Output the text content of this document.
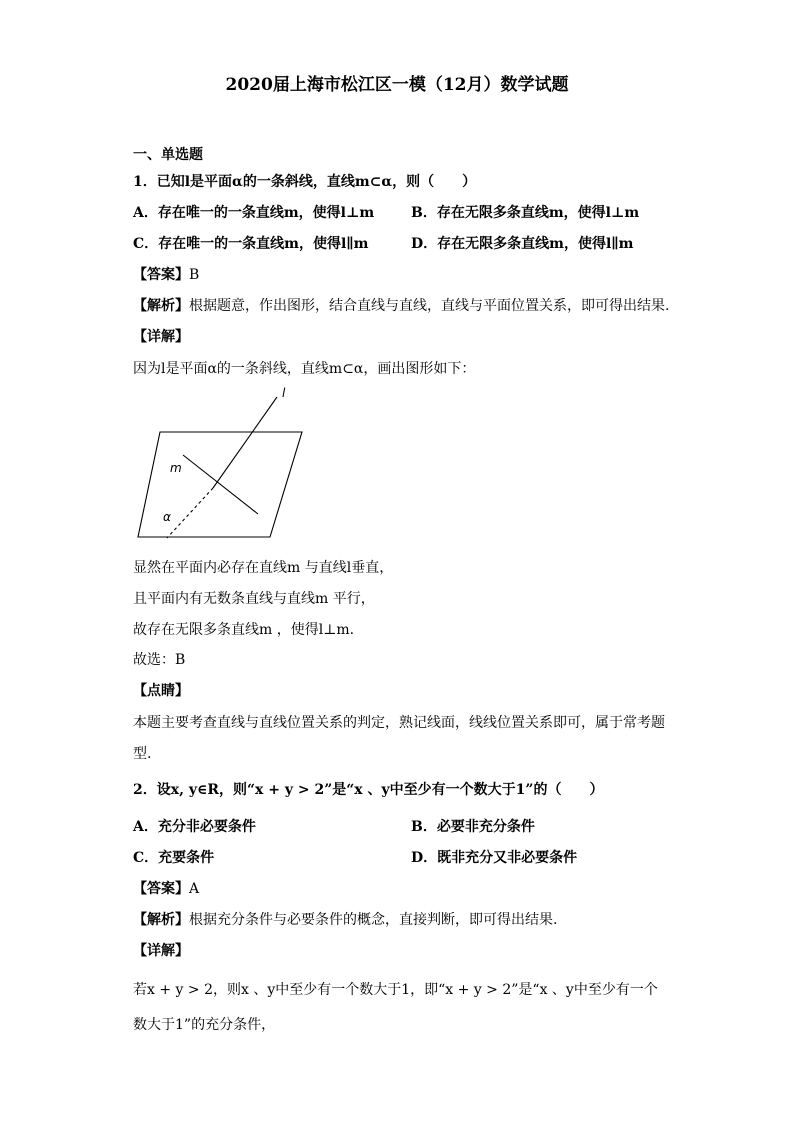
2020届上海市松江区一模（12月）数学试题
一、单选题
1．已知l是平面α的一条斜线，直线m⊂α，则（　　）
A．存在唯一的一条直线m，使得l⊥m	B．存在无限多条直线m，使得l⊥m
C．存在唯一的一条直线m，使得l∥m	D．存在无限多条直线m，使得l∥m
【答案】B
【解析】根据题意，作出图形，结合直线与直线，直线与平面位置关系，即可得出结果.
【详解】
因为l是平面α的一条斜线，直线m⊂α，画出图形如下：
l
m
α
显然在平面内必存在直线m 与直线l垂直，
且平面内有无数条直线与直线m 平行，
故存在无限多条直线m ，使得l⊥m.
故选：B
【点睛】
本题主要考查直线与直线位置关系的判定，熟记线面，线线位置关系即可，属于常考题
型.
2．设x, y∈R，则“x + y > 2”是“x 、y中至少有一个数大于1”的（　　）
A．充分非必要条件	B．必要非充分条件
C．充要条件	D．既非充分又非必要条件
【答案】A
【解析】根据充分条件与必要条件的概念，直接判断，即可得出结果.
【详解】
若x + y > 2，则x 、y中至少有一个数大于1，即“x + y > 2”是“x 、y中至少有一个
数大于1”的充分条件，
